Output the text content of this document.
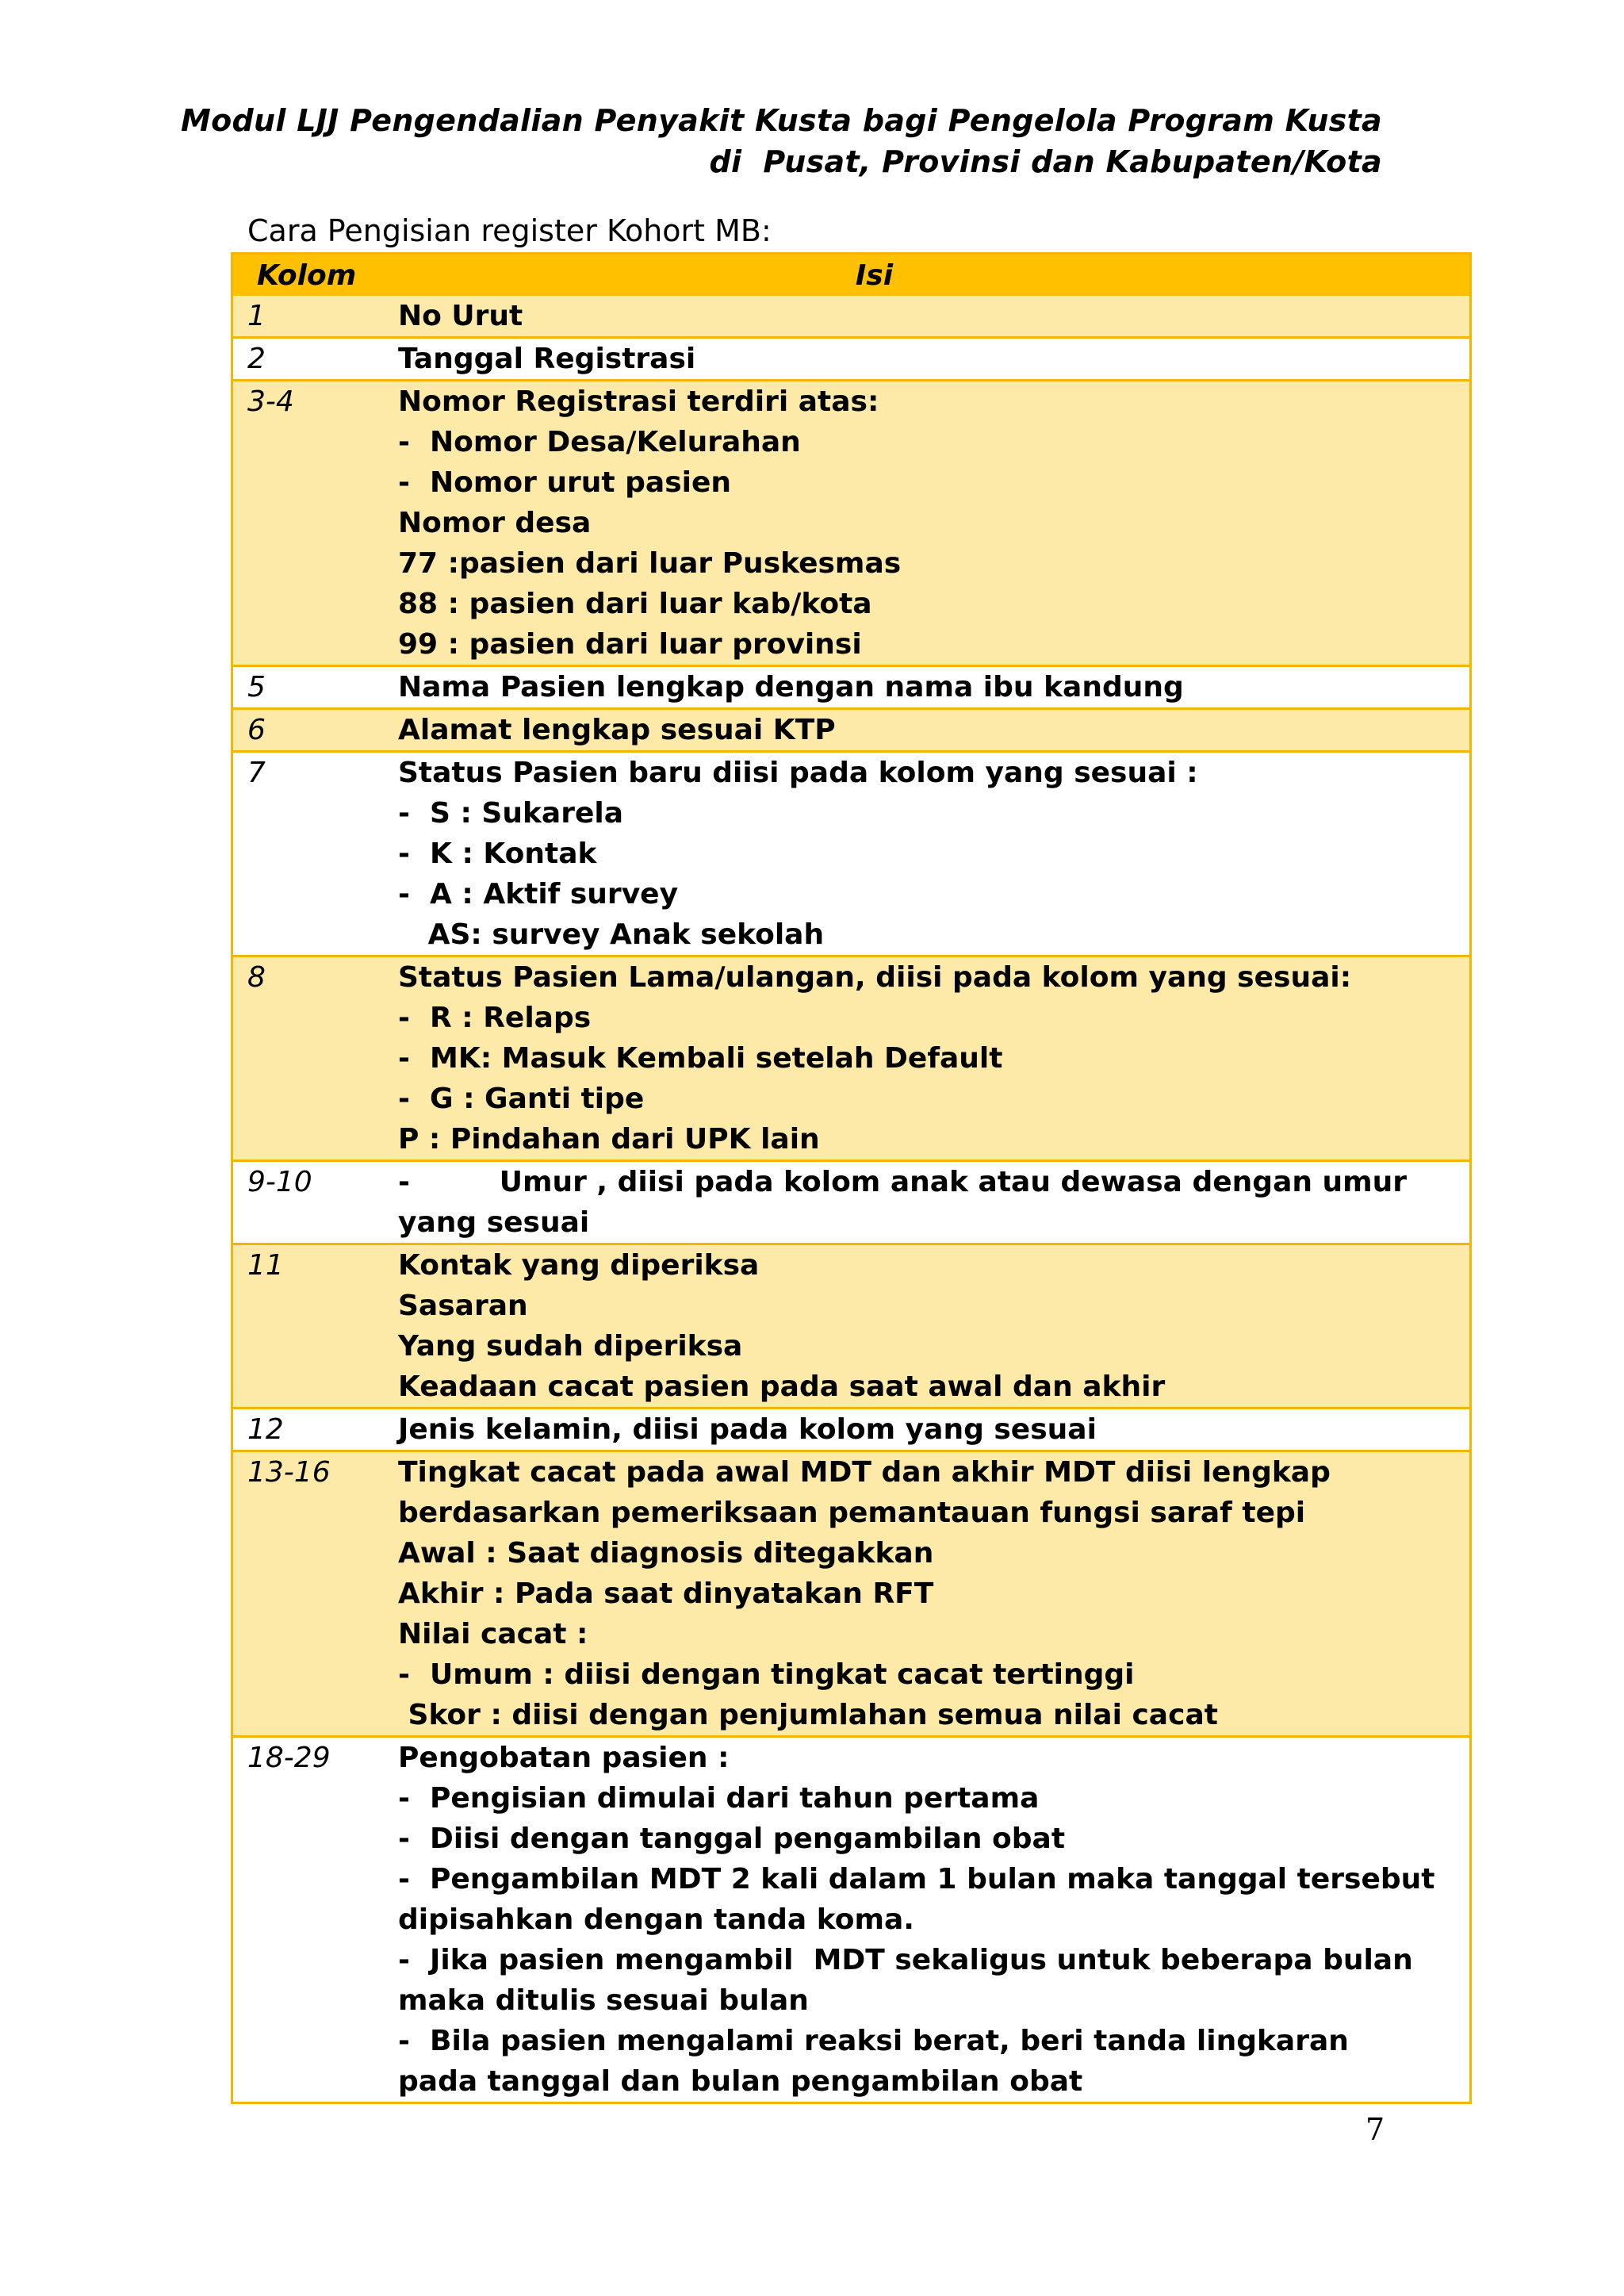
Modul LJJ Pengendalian Penyakit Kusta bagi Pengelola Program Kusta
di  Pusat, Provinsi dan Kabupaten/Kota
Cara Pengisian register Kohort MB:
Kolom	Isi
1	No Urut
2	Tanggal Registrasi
3-4	Nomor Registrasi terdiri atas:
-  Nomor Desa/Kelurahan
-  Nomor urut pasien
Nomor desa
77 :pasien dari luar Puskesmas
88 : pasien dari luar kab/kota
99 : pasien dari luar provinsi
5	Nama Pasien lengkap dengan nama ibu kandung
6	Alamat lengkap sesuai KTP
7	Status Pasien baru diisi pada kolom yang sesuai :
-  S : Sukarela
-  K : Kontak
-  A : Aktif survey
AS: survey Anak sekolah
8	Status Pasien Lama/ulangan, diisi pada kolom yang sesuai:
-  R : Relaps
-  MK: Masuk Kembali setelah Default
-  G : Ganti tipe
P : Pindahan dari UPK lain
9-10	-         Umur , diisi pada kolom anak atau dewasa dengan umur
yang sesuai
11	Kontak yang diperiksa
Sasaran
Yang sudah diperiksa
Keadaan cacat pasien pada saat awal dan akhir
12	Jenis kelamin, diisi pada kolom yang sesuai
13-16	Tingkat cacat pada awal MDT dan akhir MDT diisi lengkap
berdasarkan pemeriksaan pemantauan fungsi saraf tepi
Awal : Saat diagnosis ditegakkan
Akhir : Pada saat dinyatakan RFT
Nilai cacat :
-  Umum : diisi dengan tingkat cacat tertinggi
Skor : diisi dengan penjumlahan semua nilai cacat
18-29	Pengobatan pasien :
-  Pengisian dimulai dari tahun pertama
-  Diisi dengan tanggal pengambilan obat
-  Pengambilan MDT 2 kali dalam 1 bulan maka tanggal tersebut
dipisahkan dengan tanda koma.
-  Jika pasien mengambil  MDT sekaligus untuk beberapa bulan
maka ditulis sesuai bulan
-  Bila pasien mengalami reaksi berat, beri tanda lingkaran
pada tanggal dan bulan pengambilan obat
7
